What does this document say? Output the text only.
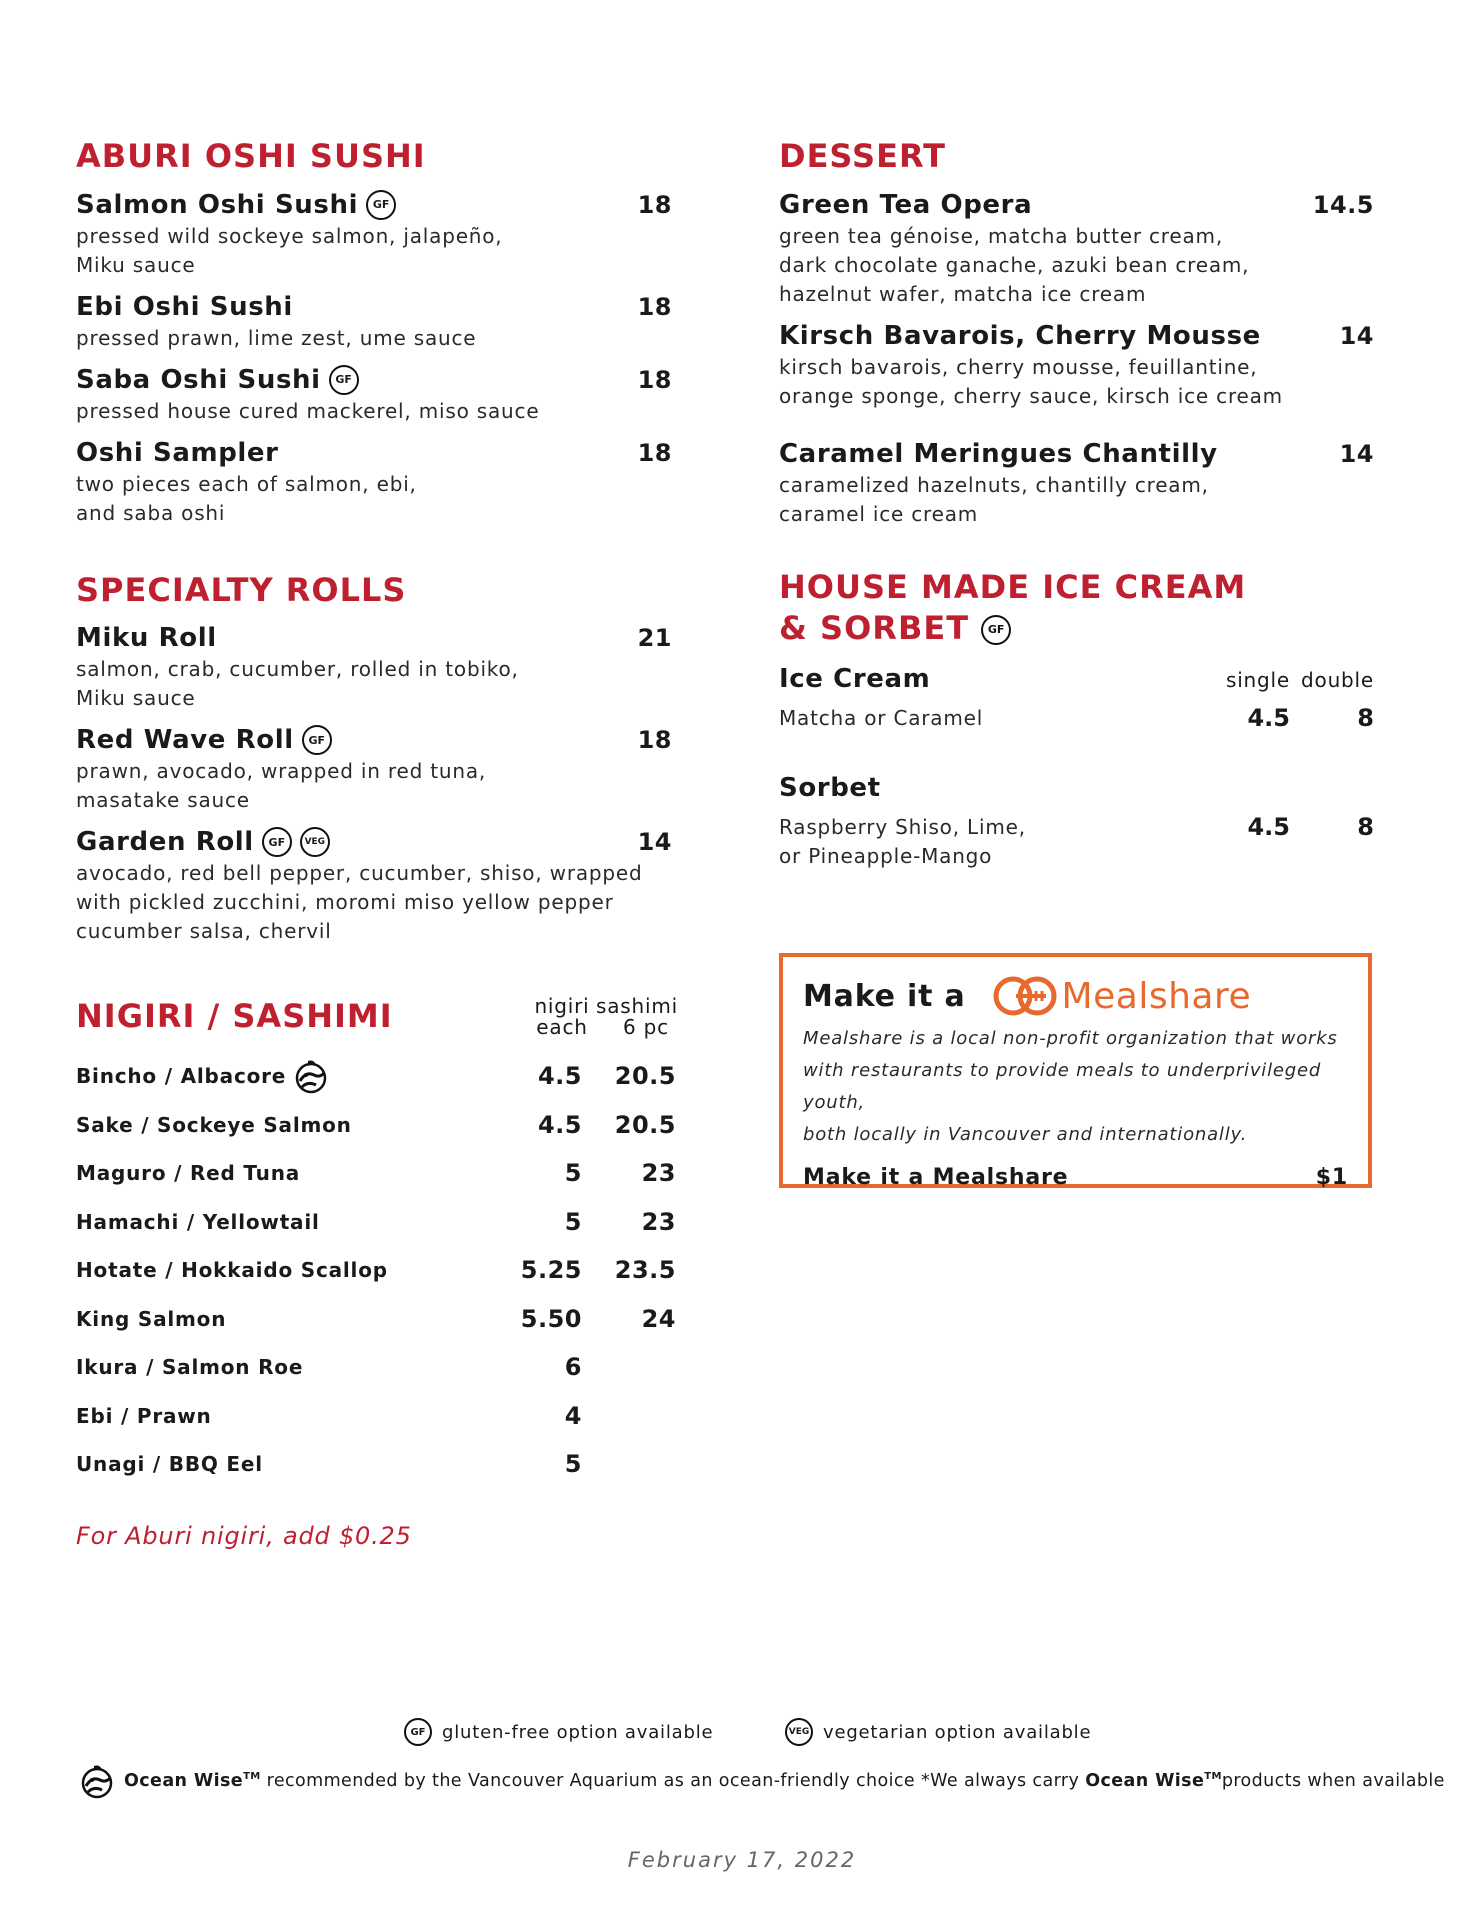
ABURI OSHI SUSHI
Salmon Oshi Sushi	GF	18
pressed wild sockeye salmon, jalapeño,
Miku sauce
Ebi Oshi Sushi	18
pressed prawn, lime zest, ume sauce
Saba Oshi Sushi	GF	18
pressed house cured mackerel, miso sauce
Oshi Sampler	18
two pieces each of salmon, ebi,
and saba oshi
SPECIALTY ROLLS
Miku Roll	21
salmon, crab, cucumber, rolled in tobiko,
Miku sauce
Red Wave Roll	GF	18
prawn, avocado, wrapped in red tuna,
masatake sauce
Garden Roll	GF	VEG	14
avocado, red bell pepper, cucumber, shiso, wrapped
with pickled zucchini, moromi miso yellow pepper
cucumber salsa, chervil
NIGIRI / SASHIMI	nigiri
each
sashimi
6 pc
Bincho / Albacore	4.5	20.5
Sake / Sockeye Salmon	4.5	20.5
Maguro / Red Tuna	5	23
Hamachi / Yellowtail	5	23
Hotate / Hokkaido Scallop	5.25	23.5
King Salmon	5.50	24
Ikura / Salmon Roe	6
Ebi / Prawn	4
Unagi / BBQ Eel	5
For Aburi nigiri, add $0.25
DESSERT
Green Tea Opera	14.5
green tea génoise, matcha butter cream,
dark chocolate ganache, azuki bean cream,
hazelnut wafer, matcha ice cream
Kirsch Bavarois, Cherry Mousse	14
kirsch bavarois, cherry mousse, feuillantine,
orange sponge, cherry sauce, kirsch ice cream
Caramel Meringues Chantilly	14
caramelized hazelnuts, chantilly cream,
caramel ice cream
HOUSE MADE ICE CREAM
& SORBET GF
Ice Cream	single double
Matcha or Caramel	4.5	8
Sorbet
Raspberry Shiso, Lime,
or Pineapple-Mango
4.5	8
Make it a	Mealshare
Mealshare is a local non-profit organization that works
with restaurants to provide meals to underprivileged youth,
both locally in Vancouver and internationally.
Make it a Mealshare	$1
GF gluten-free option available	VEG vegetarian option available
Ocean Wise™ recommended by the Vancouver Aquarium as an ocean-friendly choice *We always carry Ocean Wise™products when available
February 17, 2022
